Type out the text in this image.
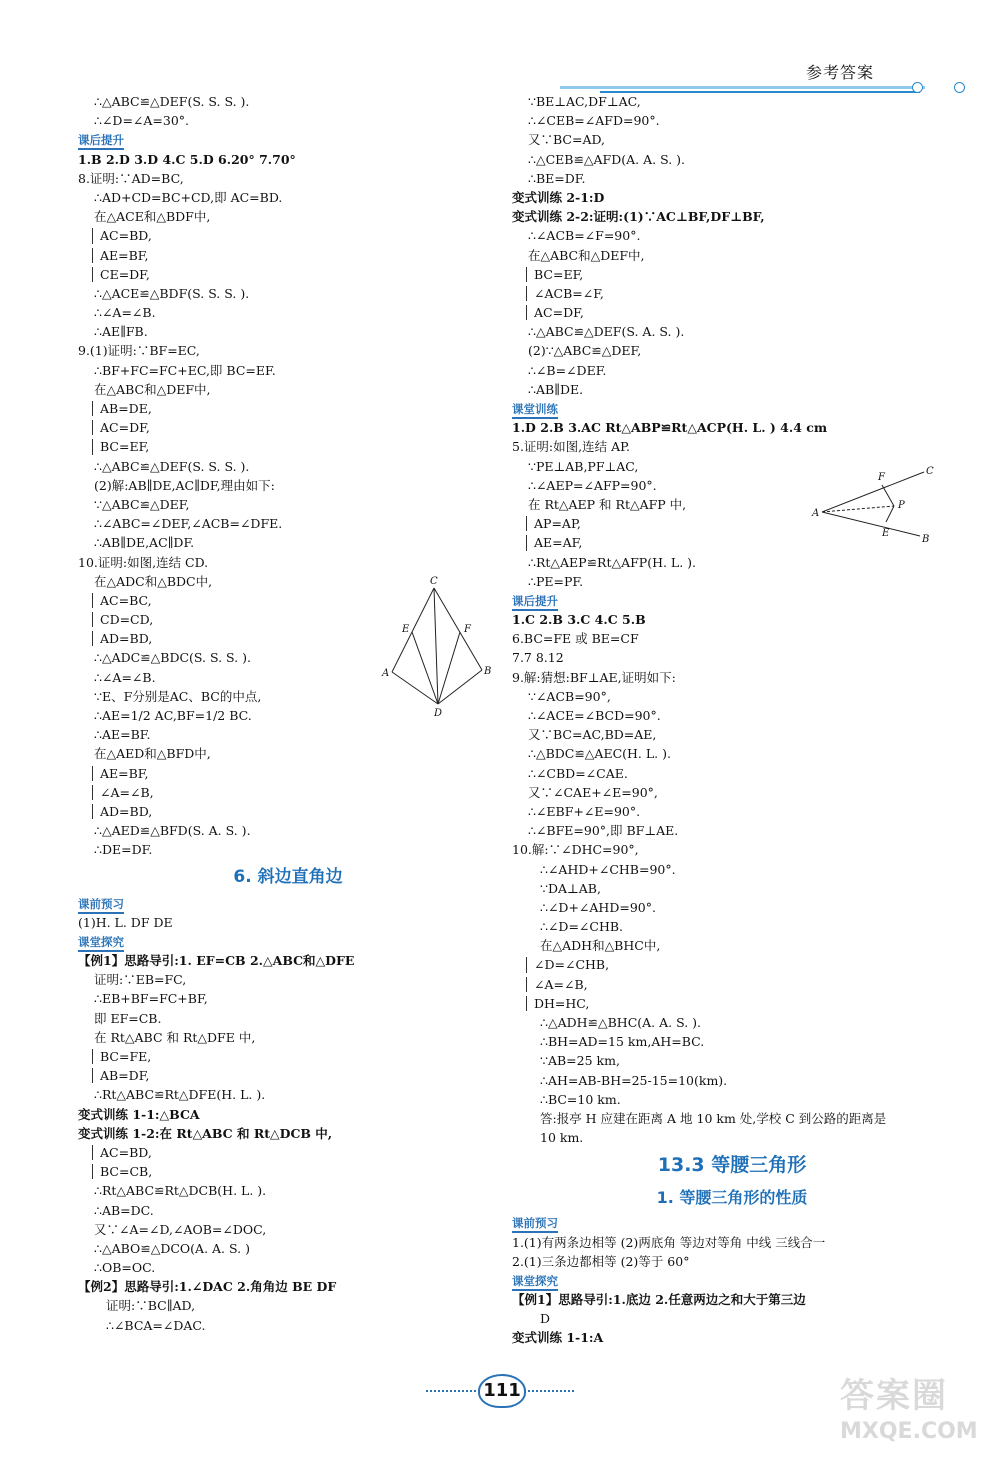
参考答案
∴△ABC≌△DEF(S. S. S. ).
∴∠D=∠A=30°.
课后提升
1.B 2.D 3.D 4.C 5.D 6.20° 7.70°
8.证明:∵AD=BC,
∴AD+CD=BC+CD,即 AC=BD.
在△ACE和△BDF中,
AC=BD,
AE=BF,
CE=DF,
∴△ACE≌△BDF(S. S. S. ).
∴∠A=∠B.
∴AE∥FB.
9.(1)证明:∵BF=EC,
∴BF+FC=FC+EC,即 BC=EF.
在△ABC和△DEF中,
AB=DE,
AC=DF,
BC=EF,
∴△ABC≌△DEF(S. S. S. ).
(2)解:AB∥DE,AC∥DF,理由如下:
∵△ABC≌△DEF,
∴∠ABC=∠DEF,∠ACB=∠DFE.
∴AB∥DE,AC∥DF.
10.证明:如图,连结 CD.
在△ADC和△BDC中,
AC=BC,
CD=CD,
AD=BD,
∴△ADC≌△BDC(S. S. S. ).
∴∠A=∠B.
∵E、F分别是AC、BC的中点,
∴AE=1/2 AC,BF=1/2 BC.
∴AE=BF.
在△AED和△BFD中,
AE=BF,
∠A=∠B,
AD=BD,
∴△AED≌△BFD(S. A. S. ).
∴DE=DF.
6. 斜边直角边
课前预习
(1)H. L. DF DE
课堂探究
【例1】思路导引:1. EF=CB 2.△ABC和△DFE
证明:∵EB=FC,
∴EB+BF=FC+BF,
即 EF=CB.
在 Rt△ABC 和 Rt△DFE 中,
BC=FE,
AB=DF,
∴Rt△ABC≌Rt△DFE(H. L. ).
变式训练 1-1:△BCA
变式训练 1-2:在 Rt△ABC 和 Rt△DCB 中,
AC=BD,
BC=CB,
∴Rt△ABC≌Rt△DCB(H. L. ).
∴AB=DC.
又∵∠A=∠D,∠AOB=∠DOC,
∴△ABO≌△DCO(A. A. S. )
∴OB=OC.
【例2】思路导引:1.∠DAC 2.角角边 BE DF
证明:∵BC∥AD,
∴∠BCA=∠DAC.
∵BE⊥AC,DF⊥AC,
∴∠CEB=∠AFD=90°.
又∵BC=AD,
∴△CEB≌△AFD(A. A. S. ).
∴BE=DF.
变式训练 2-1:D
变式训练 2-2:证明:(1)∵AC⊥BF,DF⊥BF,
∴∠ACB=∠F=90°.
在△ABC和△DEF中,
BC=EF,
∠ACB=∠F,
AC=DF,
∴△ABC≌△DEF(S. A. S. ).
(2)∵△ABC≌△DEF,
∴∠B=∠DEF.
∴AB∥DE.
课堂训练
1.D 2.B 3.AC Rt△ABP≌Rt△ACP(H. L. ) 4.4 cm
5.证明:如图,连结 AP.
∵PE⊥AB,PF⊥AC,
∴∠AEP=∠AFP=90°.
在 Rt△AEP 和 Rt△AFP 中,
AP=AP,
AE=AF,
∴Rt△AEP≌Rt△AFP(H. L. ).
∴PE=PF.
课后提升
1.C 2.B 3.C 4.C 5.B
6.BC=FE 或 BE=CF
7.7 8.12
9.解:猜想:BF⊥AE,证明如下:
∵∠ACB=90°,
∴∠ACE=∠BCD=90°.
又∵BC=AC,BD=AE,
∴△BDC≌△AEC(H. L. ).
∴∠CBD=∠CAE.
又∵∠CAE+∠E=90°,
∴∠EBF+∠E=90°.
∴∠BFE=90°,即 BF⊥AE.
10.解:∵∠DHC=90°,
∴∠AHD+∠CHB=90°.
∵DA⊥AB,
∴∠D+∠AHD=90°.
∴∠D=∠CHB.
在△ADH和△BHC中,
∠D=∠CHB,
∠A=∠B,
DH=HC,
∴△ADH≌△BHC(A. A. S. ).
∴BH=AD=15 km,AH=BC.
∵AB=25 km,
∴AH=AB-BH=25-15=10(km).
∴BC=10 km.
答:报亭 H 应建在距离 A 地 10 km 处,学校 C 到公路的距离是
10 km.
13.3 等腰三角形
1. 等腰三角形的性质
课前预习
1.(1)有两条边相等 (2)两底角 等边对等角 中线 三线合一
2.(1)三条边都相等 (2)等于 60°
课堂探究
【例1】思路导引:1.底边 2.任意两边之和大于第三边
D
变式训练 1-1:A
C
E	F
A	B
D
A
F
C
P
E
B
111	答案圈
MXQE.COM
